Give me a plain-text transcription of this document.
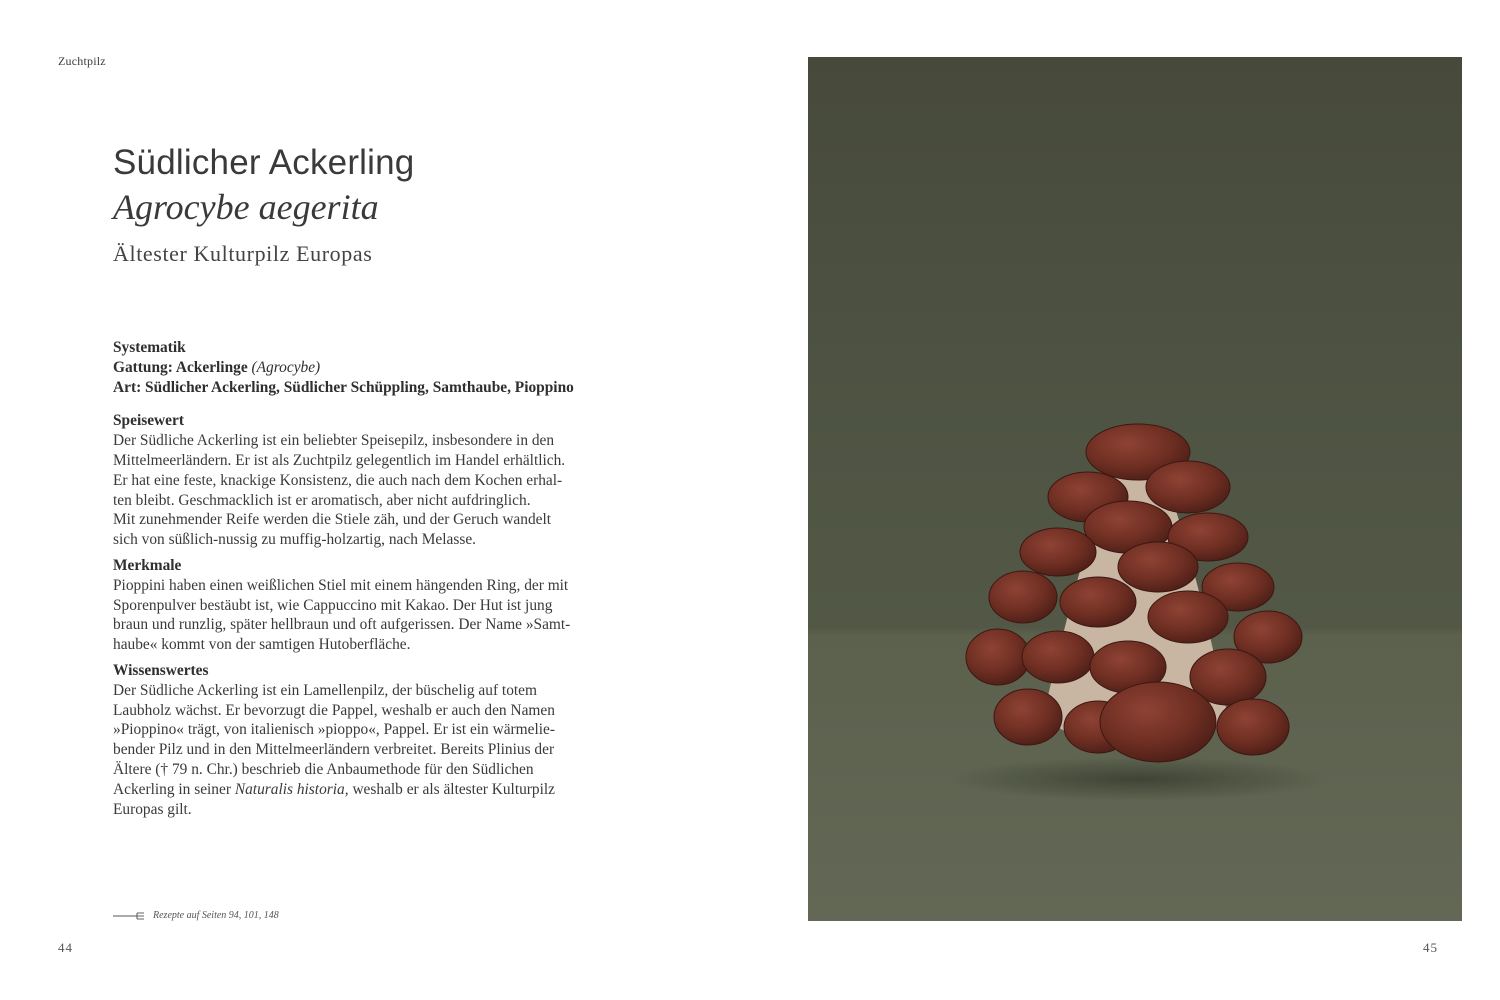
Zuchtpilz
Südlicher Ackerling
Agrocybe aegerita
Ältester Kulturpilz Europas
Systematik
Gattung: Ackerlinge (Agrocybe)
Art: Südlicher Ackerling, Südlicher Schüppling, Samthaube, Pioppino
Speisewert
Der Südliche Ackerling ist ein beliebter Speisepilz, insbesondere in den
Mittelmeerländern. Er ist als Zuchtpilz gelegentlich im Handel erhältlich.
Er hat eine feste, knackige Konsistenz, die auch nach dem Kochen erhal-
ten bleibt. Geschmacklich ist er aromatisch, aber nicht aufdringlich.
Mit zunehmender Reife werden die Stiele zäh, und der Geruch wandelt
sich von süßlich-nussig zu muffig-holzartig, nach Melasse.
Merkmale
Pioppini haben einen weißlichen Stiel mit einem hängenden Ring, der mit
Sporenpulver bestäubt ist, wie Cappuccino mit Kakao. Der Hut ist jung
braun und runzlig, später hellbraun und oft aufgerissen. Der Name »Samt-
haube« kommt von der samtigen Hutoberfläche.
Wissenswertes
Der Südliche Ackerling ist ein Lamellenpilz, der büschelig auf totem
Laubholz wächst. Er bevorzugt die Pappel, weshalb er auch den Namen
»Pioppino« trägt, von italienisch »pioppo«, Pappel. Er ist ein wärmelie-
bender Pilz und in den Mittelmeerländern verbreitet. Bereits Plinius der
Ältere († 79 n. Chr.) beschrieb die Anbaumethode für den Südlichen
Ackerling in seiner Naturalis historia, weshalb er als ältester Kulturpilz
Europas gilt.
Rezepte auf Seiten 94, 101, 148
44	45
